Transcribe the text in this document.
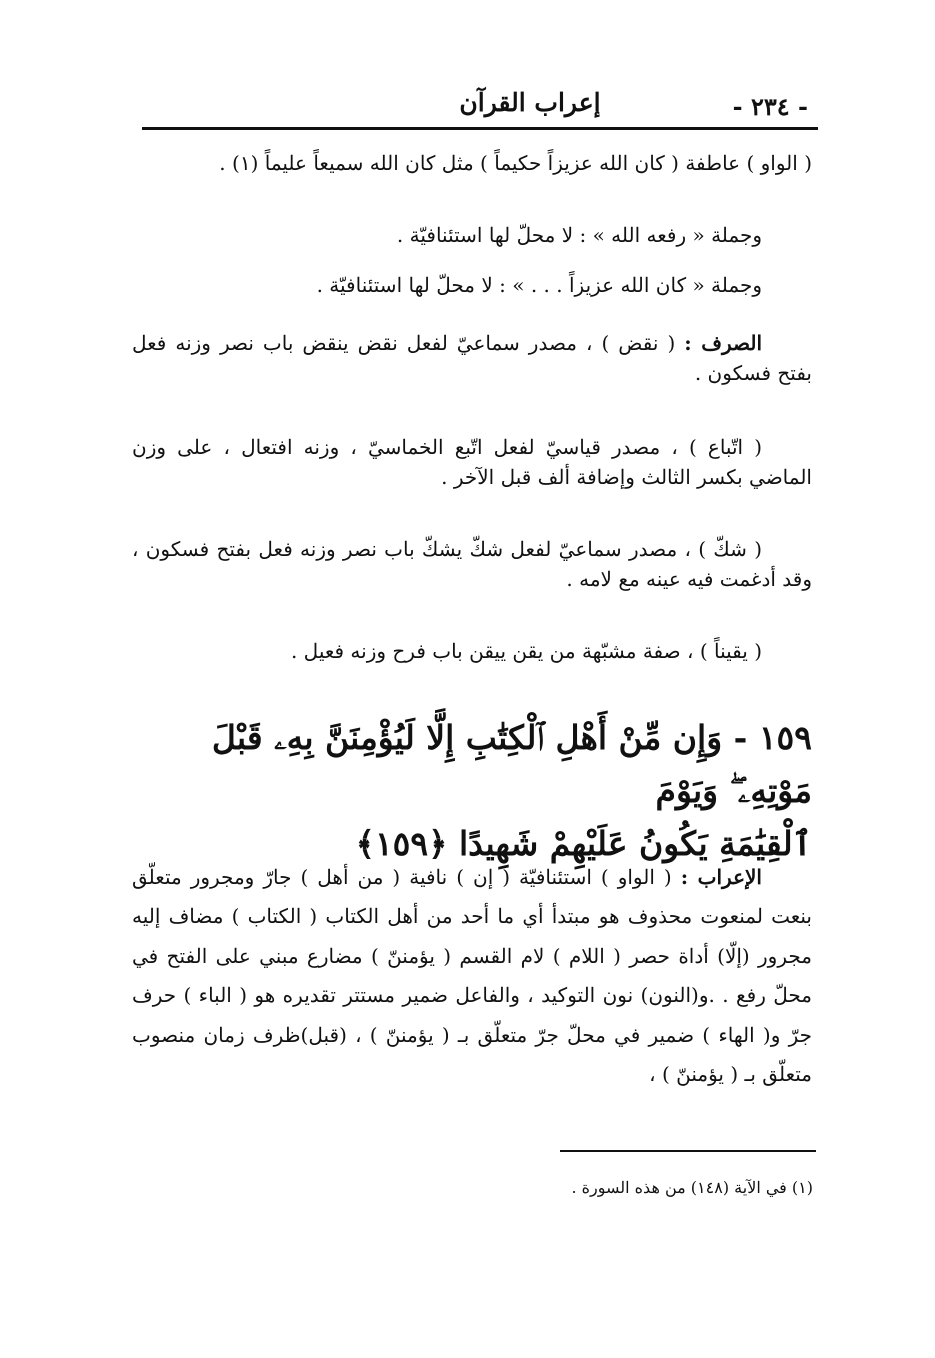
- ٢٣٤ -
إعراب القرآن

( الواو ) عاطفة ( كان الله عزيزاً حكيماً ) مثل كان الله سميعاً عليماً (١) .

وجملة « رفعه الله » : لا محلّ لها استئنافيّة .

وجملة « كان الله عزيزاً . . . » : لا محلّ لها استئنافيّة .

الصرف : ( نقض ) ، مصدر سماعيّ لفعل نقض ينقض باب نصر وزنه فعل بفتح فسكون .

( اتّباع ) ، مصدر قياسيّ لفعل اتّبع الخماسيّ ، وزنه افتعال ، على وزن الماضي بكسر الثالث وإضافة ألف قبل الآخر .

( شكّ ) ، مصدر سماعيّ لفعل شكّ يشكّ باب نصر وزنه فعل بفتح فسكون ، وقد أدغمت فيه عينه مع لامه .

( يقيناً ) ، صفة مشبّهة من يقن ييقن باب فرح وزنه فعيل .

١٥٩ - وَإِن مِّنْ أَهْلِ ٱلْكِتَٰبِ إِلَّا لَيُؤْمِنَنَّ بِهِۦ قَبْلَ مَوْتِهِۦ ۖ وَيَوْمَ
ٱلْقِيَٰمَةِ يَكُونُ عَلَيْهِمْ شَهِيدًا ﴿١٥٩﴾

الإعراب : ( الواو ) استئنافيّة ( إن ) نافية ( من أهل ) جارّ ومجرور متعلّق بنعت لمنعوت محذوف هو مبتدأ أي ما أحد من أهل الكتاب ( الكتاب ) مضاف إليه مجرور (إلّا) أداة حصر ( اللام ) لام القسم ( يؤمننّ ) مضارع مبني على الفتح في محلّ رفع . .و(النون) نون التوكيد ، والفاعل ضمير مستتر تقديره هو ( الباء ) حرف جرّ و( الهاء ) ضمير في محلّ جرّ متعلّق بـ ( يؤمننّ ) ، (قبل)ظرف زمان منصوب متعلّق بـ ( يؤمننّ ) ،

(١) في الآية (١٤٨) من هذه السورة .
